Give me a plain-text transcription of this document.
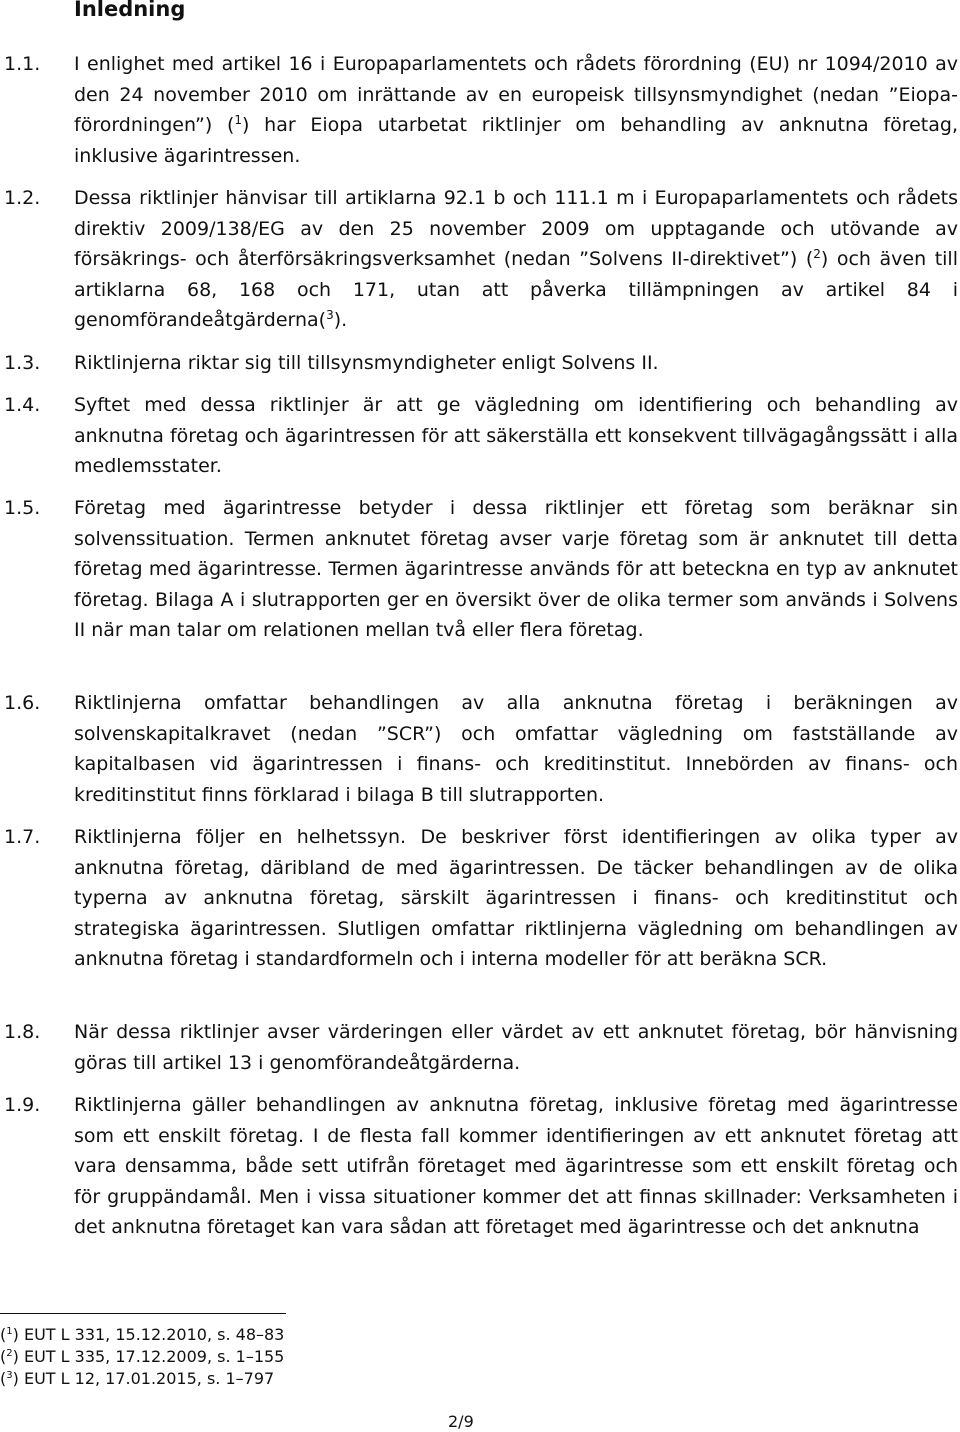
Inledning
1.1. I enlighet med artikel 16 i Europaparlamentets och rådets förordning (EU) nr 1094/2010 av den 24 november 2010 om inrättande av en europeisk tillsynsmyndighet (nedan ”Eiopa-förordningen”) ($^1$) har Eiopa utarbetat riktlinjer om behandling av anknutna företag, inklusive ägarintressen.
1.2. Dessa riktlinjer hänvisar till artiklarna 92.1 b och 111.1 m i Europaparlamentets och rådets direktiv 2009/138/EG av den 25 november 2009 om upptagande och utövande av försäkrings- och återförsäkringsverksamhet (nedan ”Solvens II-direktivet”) ($^2$) och även till artiklarna 68, 168 och 171, utan att påverka tillämpningen av artikel 84 i genomförandeåtgärderna($^3$).
1.3. Riktlinjerna riktar sig till tillsynsmyndigheter enligt Solvens II.
1.4. Syftet med dessa riktlinjer är att ge vägledning om identifiering och behandling av anknutna företag och ägarintressen för att säkerställa ett konsekvent tillvägagångssätt i alla medlemsstater.
1.5. Företag med ägarintresse betyder i dessa riktlinjer ett företag som beräknar sin solvenssituation. Termen anknutet företag avser varje företag som är anknutet till detta företag med ägarintresse. Termen ägarintresse används för att beteckna en typ av anknutet företag. Bilaga A i slutrapporten ger en översikt över de olika termer som används i Solvens II när man talar om relationen mellan två eller flera företag.
1.6. Riktlinjerna omfattar behandlingen av alla anknutna företag i beräkningen av solvenskapitalkravet (nedan ”SCR”) och omfattar vägledning om fastställande av kapitalbasen vid ägarintressen i finans- och kreditinstitut. Innebörden av finans- och kreditinstitut finns förklarad i bilaga B till slutrapporten.
1.7. Riktlinjerna följer en helhetssyn. De beskriver först identifieringen av olika typer av anknutna företag, däribland de med ägarintressen. De täcker behandlingen av de olika typerna av anknutna företag, särskilt ägarintressen i finans- och kreditinstitut och strategiska ägarintressen. Slutligen omfattar riktlinjerna vägledning om behandlingen av anknutna företag i standardformeln och i interna modeller för att beräkna SCR.
1.8. När dessa riktlinjer avser värderingen eller värdet av ett anknutet företag, bör hänvisning göras till artikel 13 i genomförandeåtgärderna.
1.9. Riktlinjerna gäller behandlingen av anknutna företag, inklusive företag med ägarintresse som ett enskilt företag. I de flesta fall kommer identifieringen av ett anknutet företag att vara densamma, både sett utifrån företaget med ägarintresse som ett enskilt företag och för gruppändamål. Men i vissa situationer kommer det att finnas skillnader: Verksamheten i det anknutna företaget kan vara sådan att företaget med ägarintresse och det anknutna
($^1$) EUT L 331, 15.12.2010, s. 48–83
($^2$) EUT L 335, 17.12.2009, s. 1–155
($^3$) EUT L 12, 17.01.2015, s. 1–797
2/9
